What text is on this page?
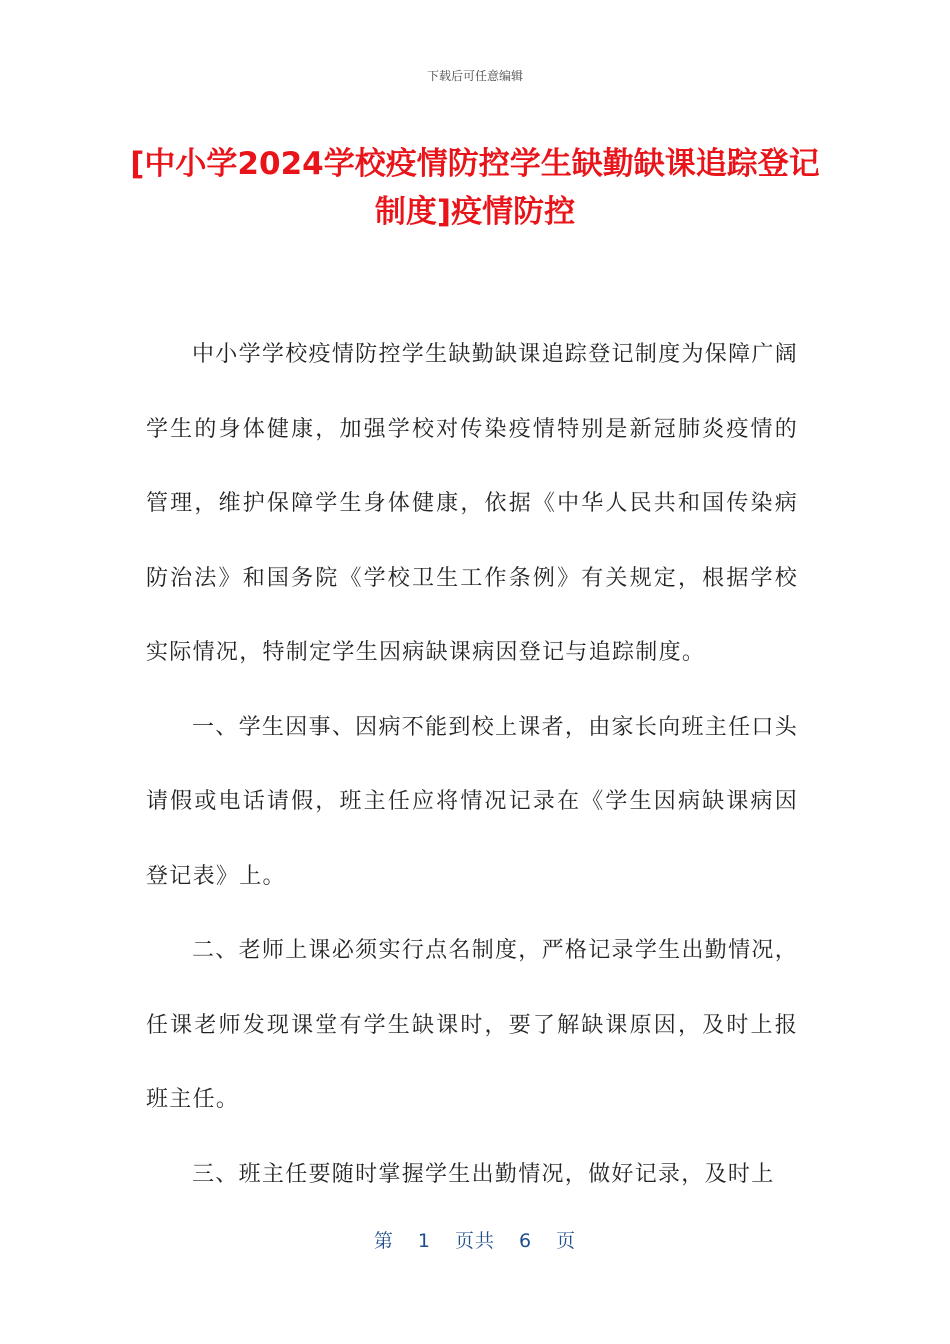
下载后可任意编辑
[中小学2024学校疫情防控学生缺勤缺课追踪登记制度]疫情防控

中小学学校疫情防控学生缺勤缺课追踪登记制度为保障广阔学生的身体健康，加强学校对传染疫情特别是新冠肺炎疫情的管理，维护保障学生身体健康，依据《中华人民共和国传染病防治法》和国务院《学校卫生工作条例》有关规定，根据学校实际情况，特制定学生因病缺课病因登记与追踪制度。

一、学生因事、因病不能到校上课者，由家长向班主任口头请假或电话请假，班主任应将情况记录在《学生因病缺课病因登记表》上。

二、老师上课必须实行点名制度，严格记录学生出勤情况，任课老师发现课堂有学生缺课时，要了解缺课原因，及时上报班主任。

三、班主任要随时掌握学生出勤情况，做好记录，及时上

第 1 页共 6 页
